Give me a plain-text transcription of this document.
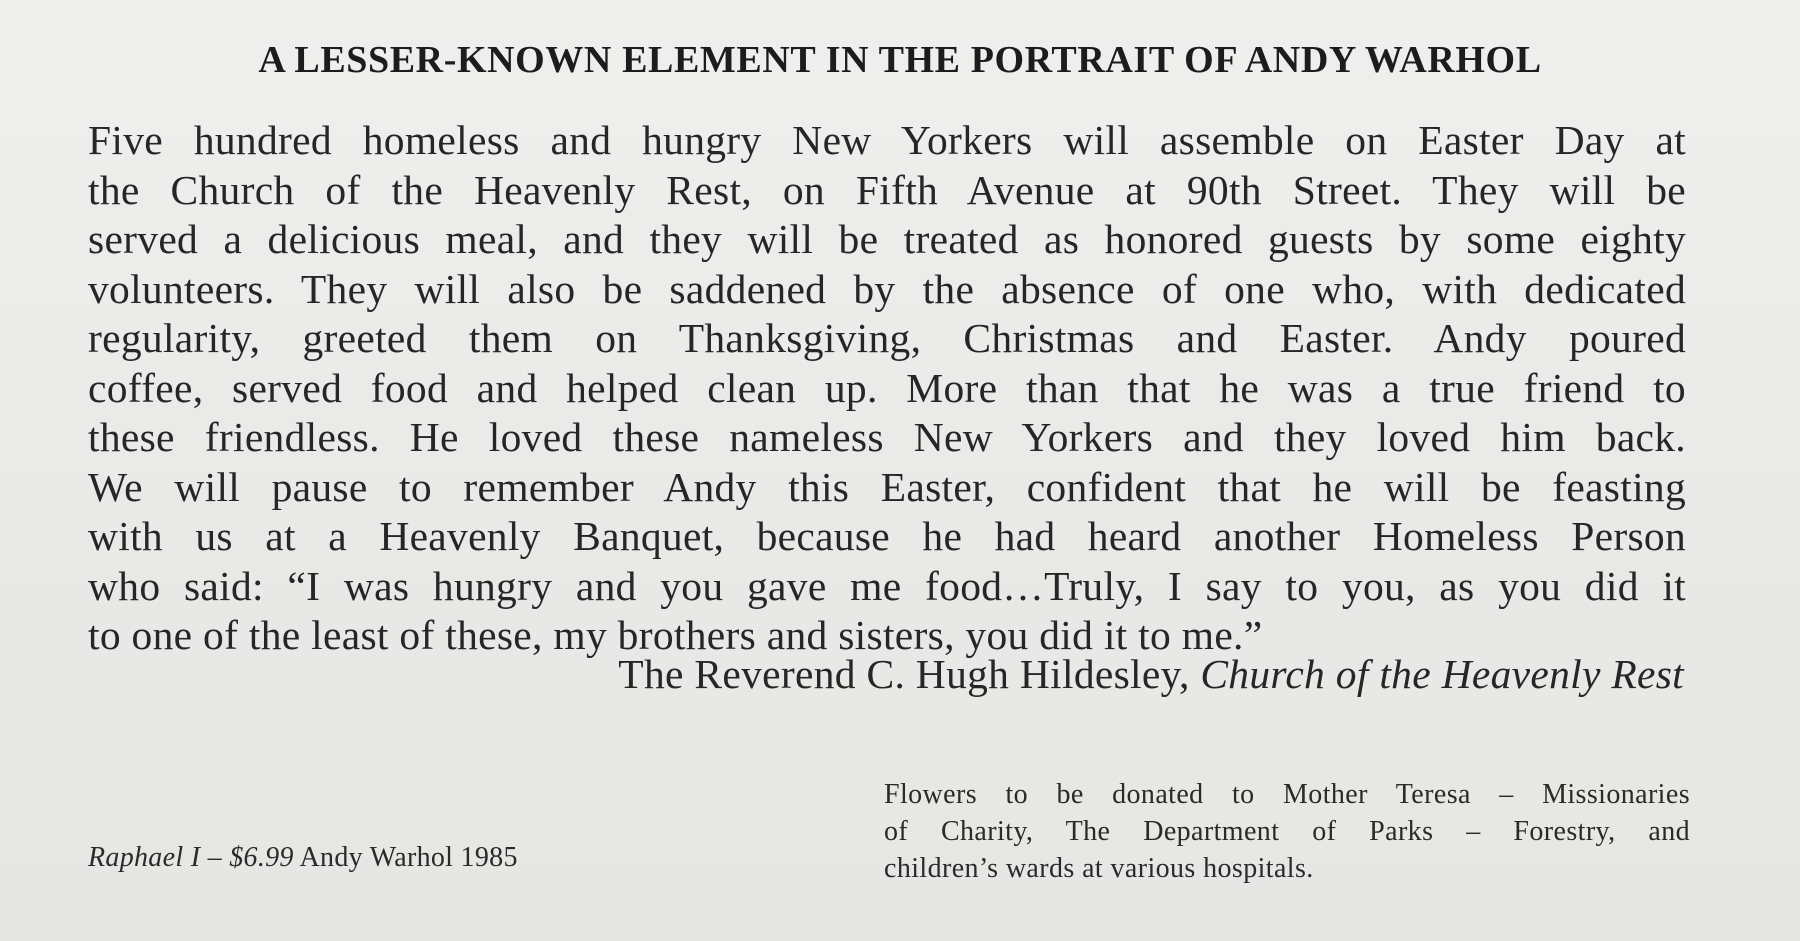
A LESSER-KNOWN ELEMENT IN THE PORTRAIT OF ANDY WARHOL
Five hundred homeless and hungry New Yorkers will assemble on Easter Day at
the Church of the Heavenly Rest, on Fifth Avenue at 90th Street. They will be
served a delicious meal, and they will be treated as honored guests by some eighty
volunteers. They will also be saddened by the absence of one who, with dedicated
regularity, greeted them on Thanksgiving, Christmas and Easter. Andy poured
coffee, served food and helped clean up. More than that he was a true friend to
these friendless. He loved these nameless New Yorkers and they loved him back.
We will pause to remember Andy this Easter, confident that he will be feasting
with us at a Heavenly Banquet, because he had heard another Homeless Person
who said: “I was hungry and you gave me food…Truly, I say to you, as you did it
to one of the least of these, my brothers and sisters, you did it to me.”
The Reverend C. Hugh Hildesley, Church of the Heavenly Rest
Raphael I – $6.99 Andy Warhol 1985
Flowers to be donated to Mother Teresa – Missionaries
of Charity, The Department of Parks – Forestry, and
children’s wards at various hospitals.
